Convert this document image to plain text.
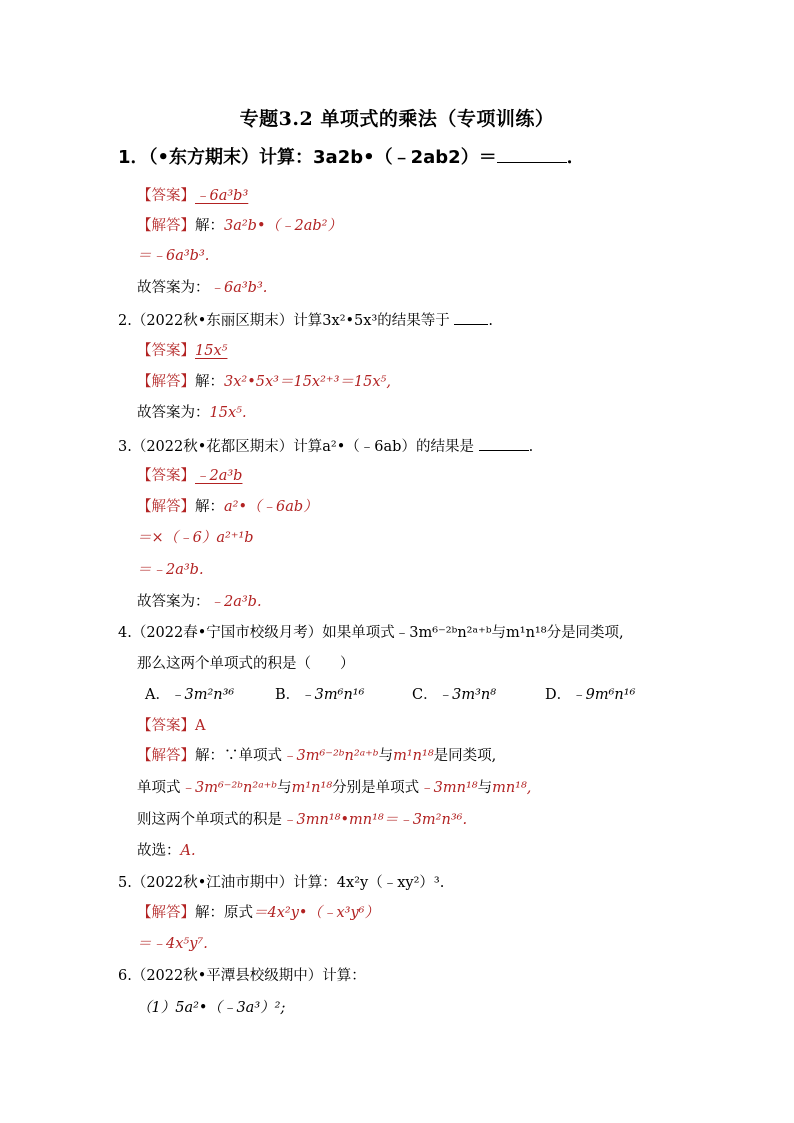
专题3.2 单项式的乘法（专项训练）
1．（•东方期末）计算：3a2b•（﹣2ab2）＝	．
【答案】﹣6a³b³
【解答】解：3a²b•（﹣2ab²）
＝﹣6a³b³.
故答案为：﹣6a³b³.
2.（2022秋•东丽区期末）计算3x²•5x³的结果等于	.
【答案】15x⁵
【解答】解：3x²•5x³＝15x²⁺³＝15x⁵,
故答案为：15x⁵.
3.（2022秋•花都区期末）计算a²•（﹣6ab）的结果是	.
【答案】﹣2a³b
【解答】解：a²•（﹣6ab）
＝×（﹣6）a²⁺¹b
＝﹣2a³b.
故答案为：﹣2a³b.
4.（2022春•宁国市校级月考）如果单项式﹣3m⁶⁻²ᵇn²ᵃ⁺ᵇ与m¹n¹⁸分是同类项,
那么这两个单项式的积是（　　）
A．﹣3m²n³⁶	B．﹣3m⁶n¹⁶	C．﹣3m³n⁸	D．﹣9m⁶n¹⁶
【答案】A
【解答】解：∵单项式﹣3m⁶⁻²ᵇn²ᵃ⁺ᵇ与m¹n¹⁸是同类项,
单项式﹣3m⁶⁻²ᵇn²ᵃ⁺ᵇ与m¹n¹⁸分别是单项式﹣3mn¹⁸与mn¹⁸,
则这两个单项式的积是﹣3mn¹⁸•mn¹⁸＝﹣3m²n³⁶.
故选：A.
5.（2022秋•江油市期中）计算：4x²y（﹣xy²）³.
【解答】解：原式＝4x²y•（﹣x³y⁶）
＝﹣4x⁵y⁷.
6.（2022秋•平潭县校级期中）计算：
（1）5a²•（﹣3a³）²;
